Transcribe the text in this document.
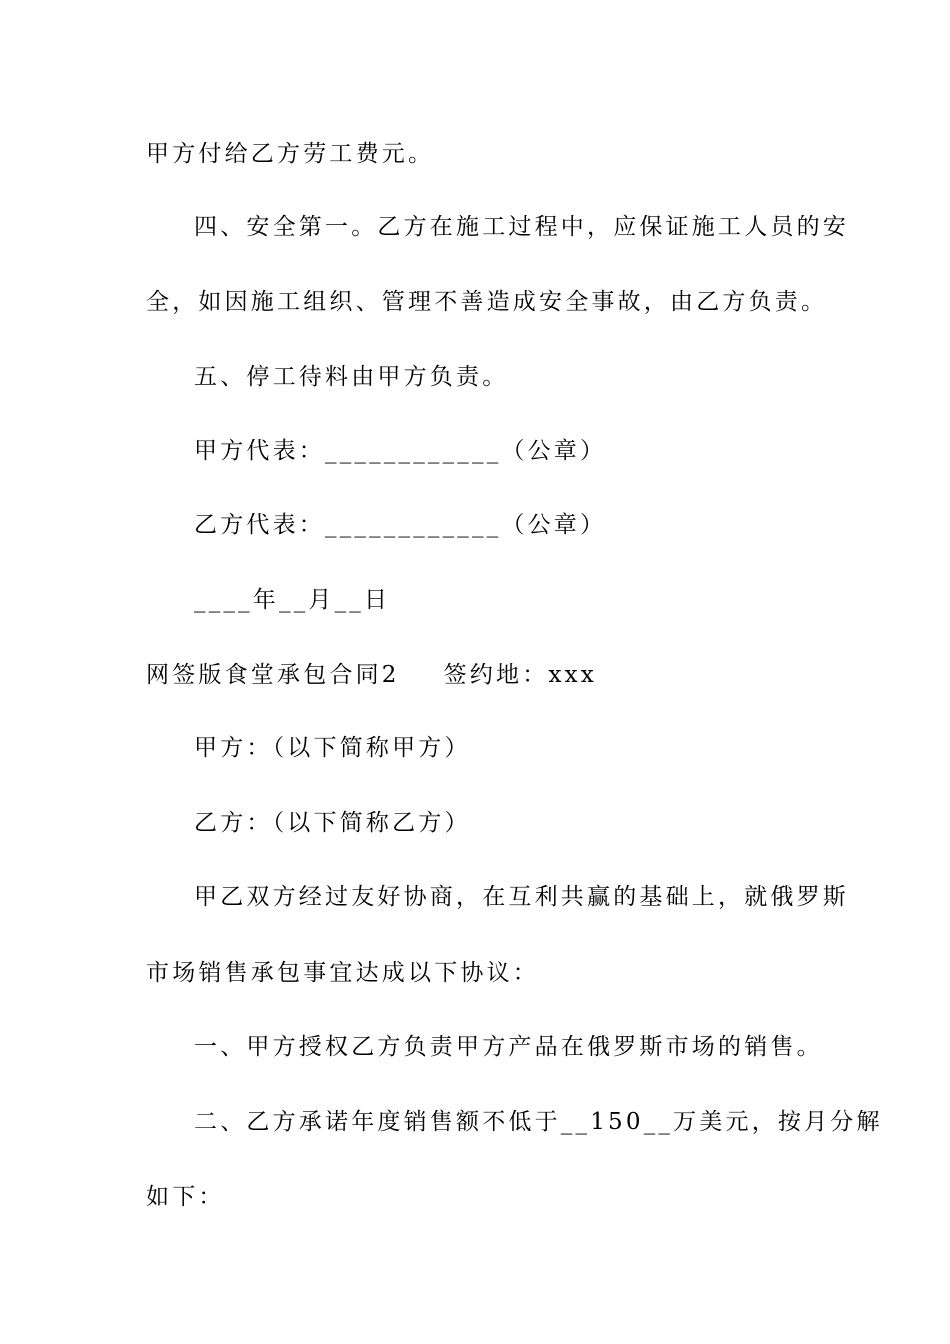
甲方付给乙方劳工费元。
四、安全第一。乙方在施工过程中，应保证施工人员的安
全，如因施工组织、管理不善造成安全事故，由乙方负责。
五、停工待料由甲方负责。
甲方代表：____________（公章）
乙方代表：____________（公章）
____年__月__日
网签版食堂承包合同2 签约地：xxx
甲方：（以下简称甲方）
乙方：（以下简称乙方）
甲乙双方经过友好协商，在互利共赢的基础上，就俄罗斯
市场销售承包事宜达成以下协议：
一、甲方授权乙方负责甲方产品在俄罗斯市场的销售。
二、乙方承诺年度销售额不低于__150__万美元，按月分解
如下：
